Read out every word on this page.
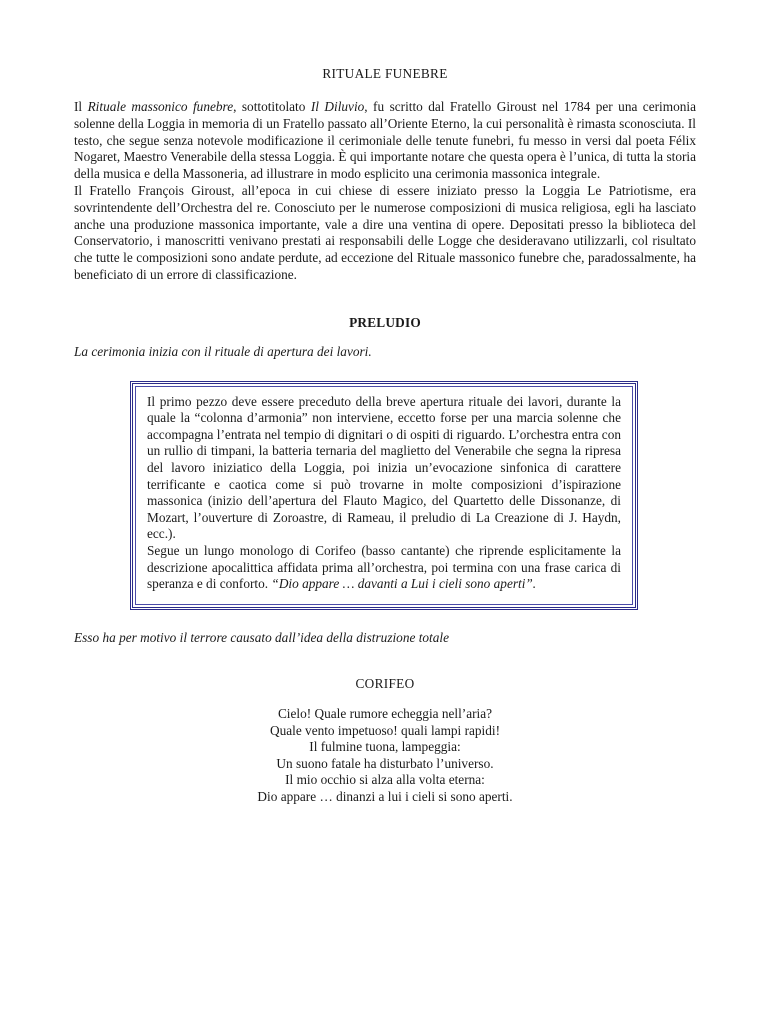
RITUALE FUNEBRE

Il Rituale massonico funebre, sottotitolato Il Diluvio, fu scritto dal Fratello Giroust nel 1784 per una cerimonia solenne della Loggia in memoria di un Fratello passato all’Oriente Eterno, la cui personalità è rimasta sconosciuta. Il testo, che segue senza notevole modificazione il cerimoniale delle tenute funebri, fu messo in versi dal poeta Félix Nogaret, Maestro Venerabile della stessa Loggia. È qui importante notare che questa opera è l’unica, di tutta la storia della musica e della Massoneria, ad illustrare in modo esplicito una cerimonia massonica integrale.

Il Fratello François Giroust, all’epoca in cui chiese di essere iniziato presso la Loggia Le Patriotisme, era sovrintendente dell’Orchestra del re. Conosciuto per le numerose composizioni di musica religiosa, egli ha lasciato anche una produzione massonica importante, vale a dire una ventina di opere. Depositati presso la biblioteca del Conservatorio, i manoscritti venivano prestati ai responsabili delle Logge che desideravano utilizzarli, col risultato che tutte le composizioni sono andate perdute, ad eccezione del Rituale massonico funebre che, paradossalmente, ha beneficiato di un errore di classificazione.

PRELUDIO

La cerimonia inizia con il rituale di apertura dei lavori.

Il primo pezzo deve essere preceduto della breve apertura rituale dei lavori, durante la quale la “colonna d’armonia” non interviene, eccetto forse per una marcia solenne che accompagna l’entrata nel tempio di dignitari o di ospiti di riguardo. L’orchestra entra con un rullio di timpani, la batteria ternaria del maglietto del Venerabile che segna la ripresa del lavoro iniziatico della Loggia, poi inizia un’evocazione sinfonica di carattere terrificante e caotica come si può trovarne in molte composizioni d’ispirazione massonica (inizio dell’apertura del Flauto Magico, del Quartetto delle Dissonanze, di Mozart, l’ouverture di Zoroastre, di Rameau, il preludio di La Creazione di J. Haydn, ecc.).

Segue un lungo monologo di Corifeo (basso cantante) che riprende esplicitamente la descrizione apocalittica affidata prima all’orchestra, poi termina con una frase carica di speranza e di conforto. “Dio appare … davanti a Lui i cieli sono aperti”.

Esso ha per motivo il terrore causato dall’idea della distruzione totale

CORIFEO

Cielo! Quale rumore echeggia nell’aria?

Quale vento impetuoso! quali lampi rapidi!

Il fulmine tuona, lampeggia:

Un suono fatale ha disturbato l’universo.

Il mio occhio si alza alla volta eterna:

Dio appare … dinanzi a lui i cieli si sono aperti.
